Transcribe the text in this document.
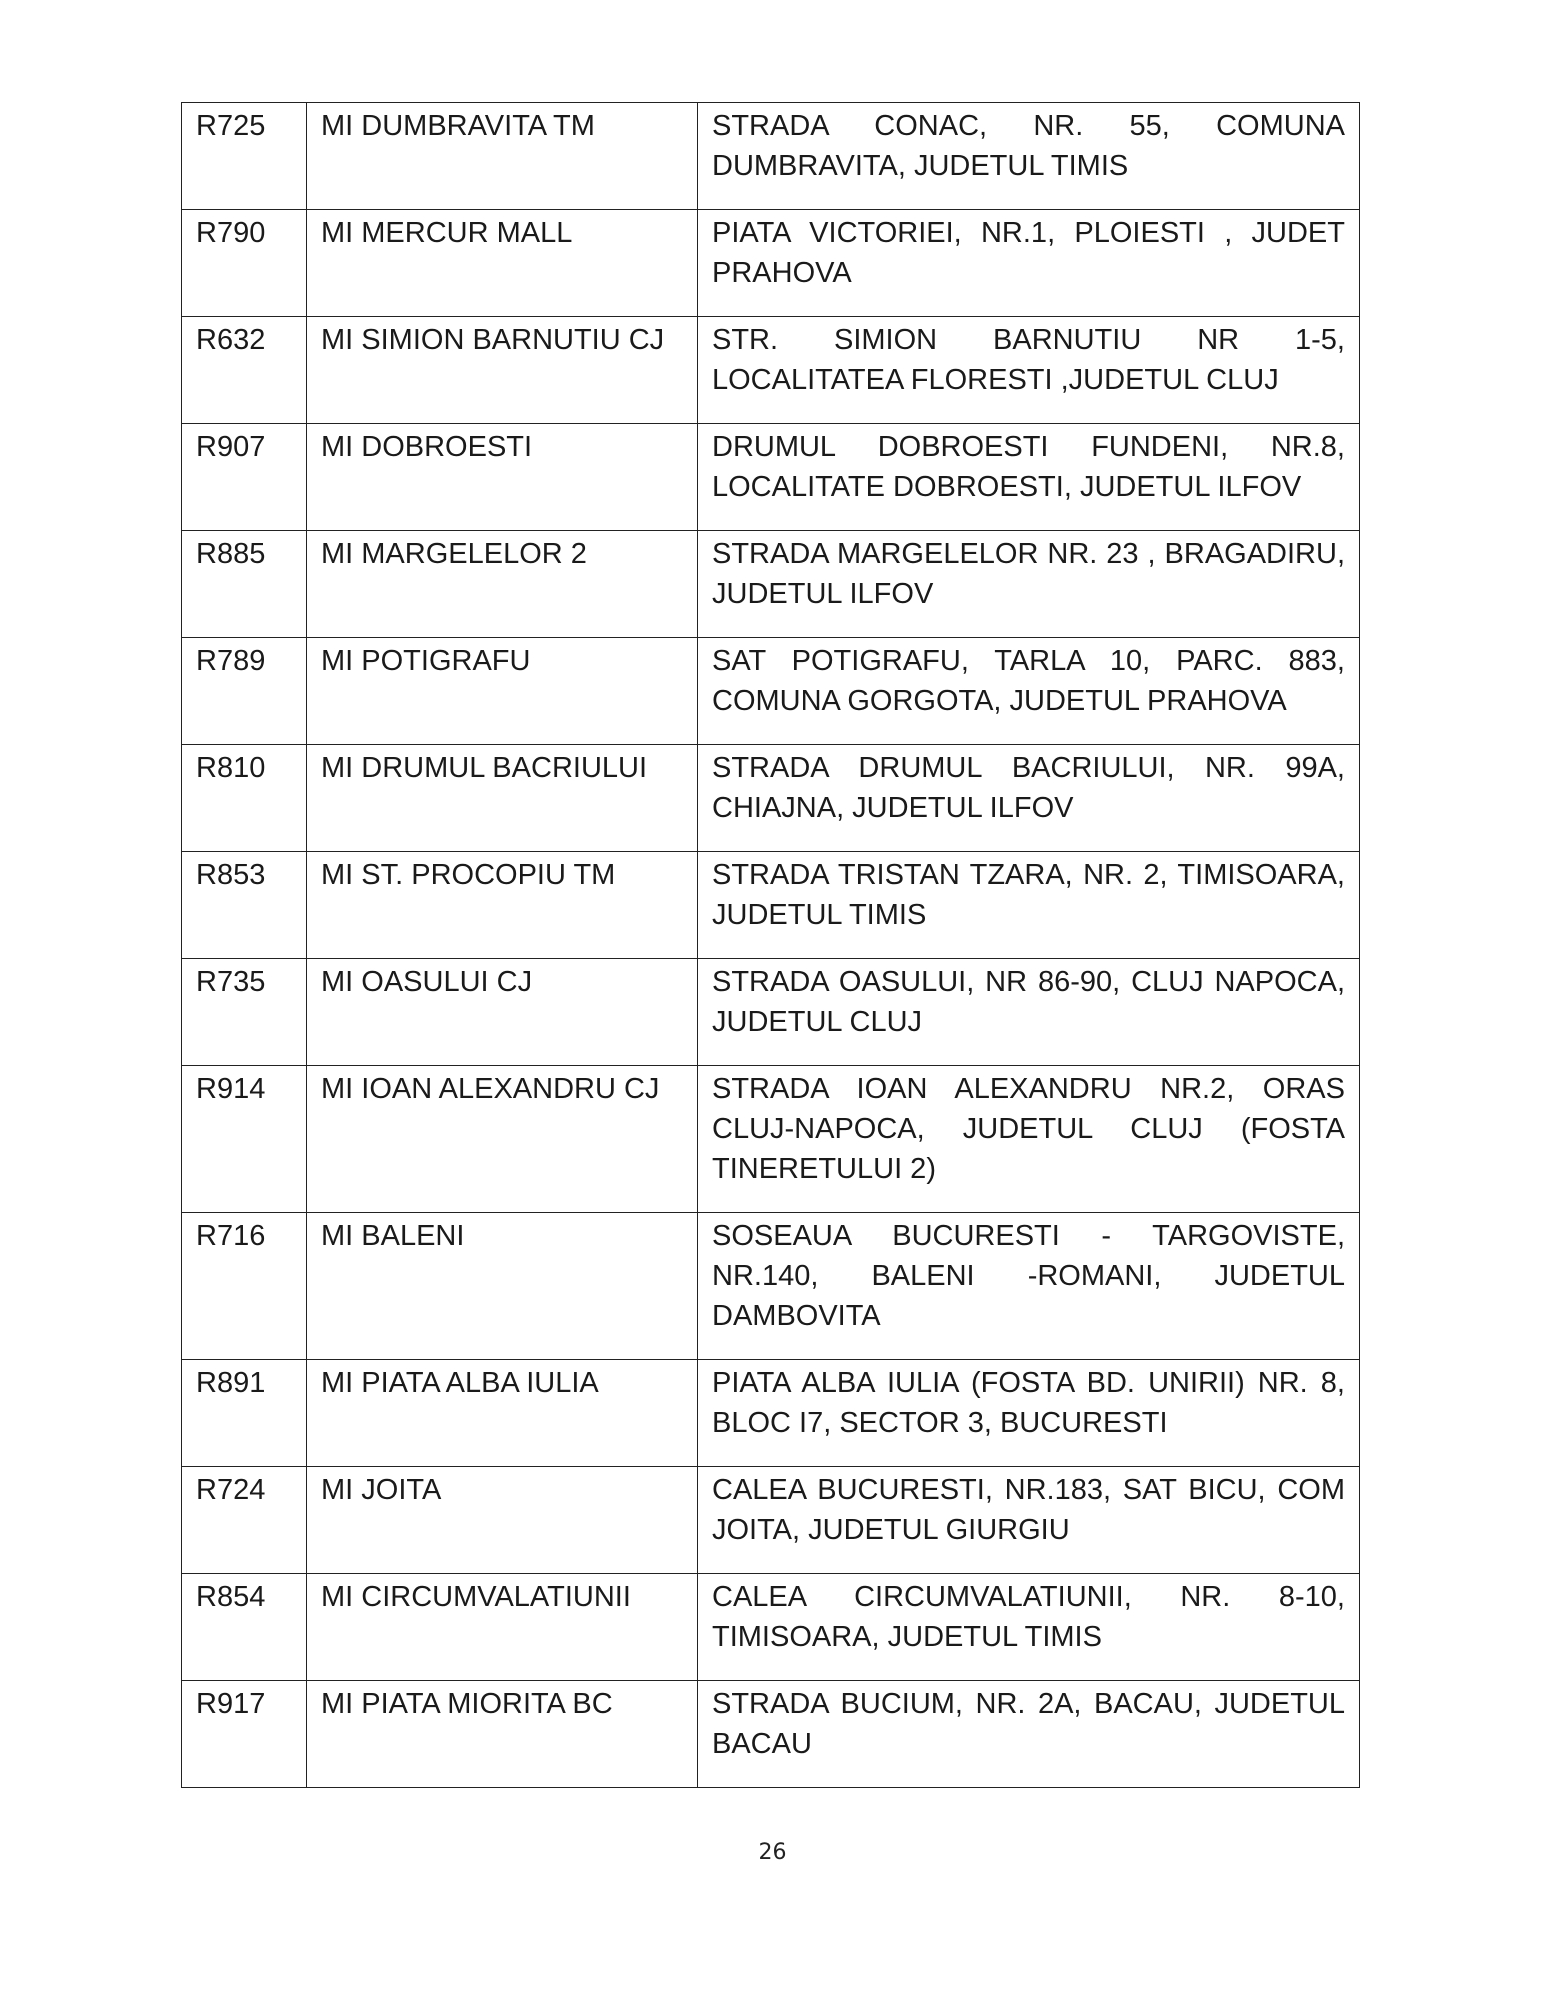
R725	MI DUMBRAVITA TM	STRADA CONAC, NR. 55, COMUNA DUMBRAVITA, JUDETUL TIMIS
R790	MI MERCUR MALL	PIATA VICTORIEI, NR.1, PLOIESTI , JUDET PRAHOVA
R632	MI SIMION BARNUTIU CJ	STR. SIMION BARNUTIU NR 1-5, LOCALITATEA FLORESTI ,JUDETUL CLUJ
R907	MI DOBROESTI	DRUMUL DOBROESTI FUNDENI, NR.8, LOCALITATE DOBROESTI, JUDETUL ILFOV
R885	MI MARGELELOR 2	STRADA MARGELELOR NR. 23 , BRAGADIRU, JUDETUL ILFOV
R789	MI POTIGRAFU	SAT POTIGRAFU, TARLA 10, PARC. 883, COMUNA GORGOTA, JUDETUL PRAHOVA
R810	MI DRUMUL BACRIULUI	STRADA DRUMUL BACRIULUI, NR. 99A, CHIAJNA, JUDETUL ILFOV
R853	MI ST. PROCOPIU TM	STRADA TRISTAN TZARA, NR. 2, TIMISOARA, JUDETUL TIMIS
R735	MI OASULUI CJ	STRADA OASULUI, NR 86-90, CLUJ NAPOCA, JUDETUL CLUJ
R914	MI IOAN ALEXANDRU CJ	STRADA IOAN ALEXANDRU NR.2, ORAS CLUJ-NAPOCA, JUDETUL CLUJ (FOSTA TINERETULUI 2)
R716	MI BALENI	SOSEAUA BUCURESTI - TARGOVISTE, NR.140, BALENI -ROMANI, JUDETUL DAMBOVITA
R891	MI PIATA ALBA IULIA	PIATA ALBA IULIA (FOSTA BD. UNIRII) NR. 8, BLOC I7, SECTOR 3, BUCURESTI
R724	MI JOITA	CALEA BUCURESTI, NR.183, SAT BICU, COM JOITA, JUDETUL GIURGIU
R854	MI CIRCUMVALATIUNII	CALEA CIRCUMVALATIUNII, NR. 8-10, TIMISOARA, JUDETUL TIMIS
R917	MI PIATA MIORITA BC	STRADA BUCIUM, NR. 2A, BACAU, JUDETUL BACAU
26
